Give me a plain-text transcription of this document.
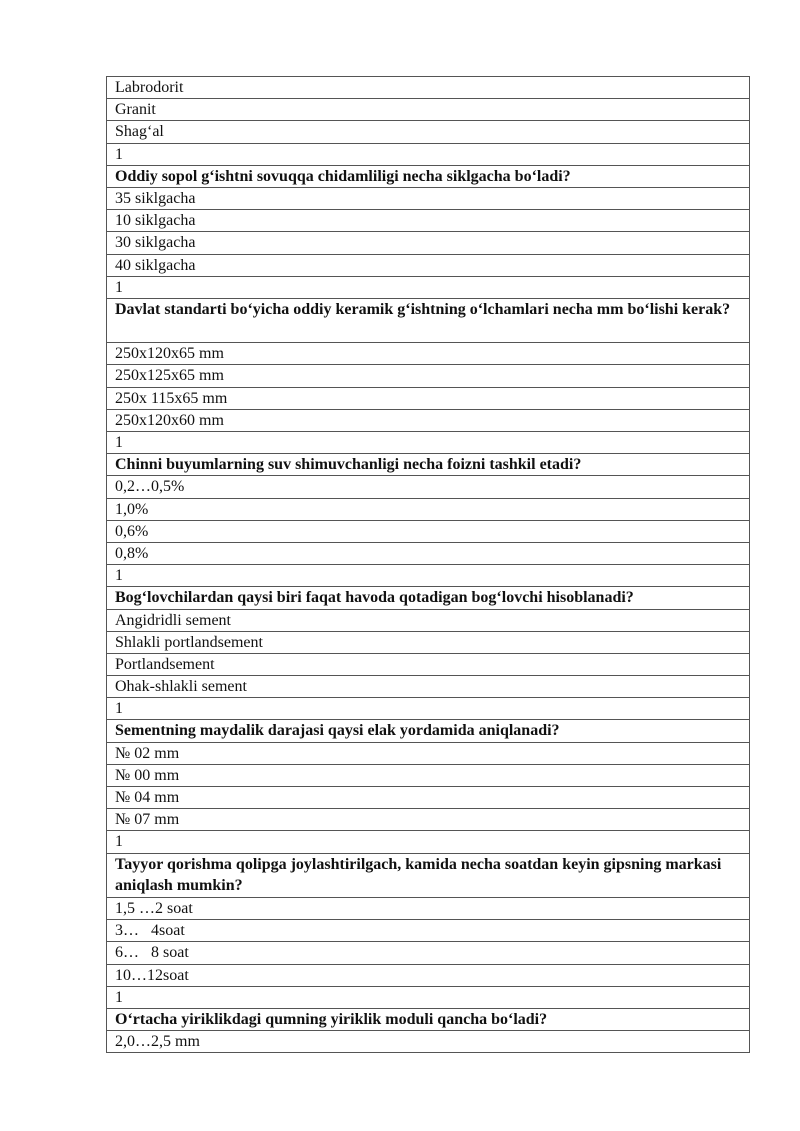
Labrodorit
Granit
Shag‘al
1
Oddiy sopol g‘ishtni sovuqqa chidamliligi necha siklgacha bo‘ladi?
35 siklgacha
10 siklgacha
30 siklgacha
40 siklgacha
1
Davlat standarti bo‘yicha oddiy keramik g‘ishtning o‘lchamlari necha mm bo‘lishi kerak?
250x120x65 mm
250x125x65 mm
250x 115x65 mm
250x120x60 mm
1
Chinni buyumlarning suv shimuvchanligi necha foizni tashkil etadi?
0,2…0,5%
1,0%
0,6%
0,8%
1
Bog‘lovchilardan qaysi biri faqat havoda qotadigan bog‘lovchi hisoblanadi?
Angidridli sement
Shlakli portlandsement
Portlandsement
Ohak-shlakli sement
1
Sementning maydalik darajasi qaysi elak yordamida aniqlanadi?
№ 02 mm
№ 00 mm
№ 04 mm
№ 07 mm
1
Tayyor qorishma qolipga joylashtirilgach, kamida necha soatdan keyin gipsning markasi aniqlash mumkin?
1,5 …2 soat
3…   4soat
6…   8 soat
10…12soat
1
O‘rtacha yiriklikdagi qumning yiriklik moduli qancha bo‘ladi?
2,0…2,5 mm
